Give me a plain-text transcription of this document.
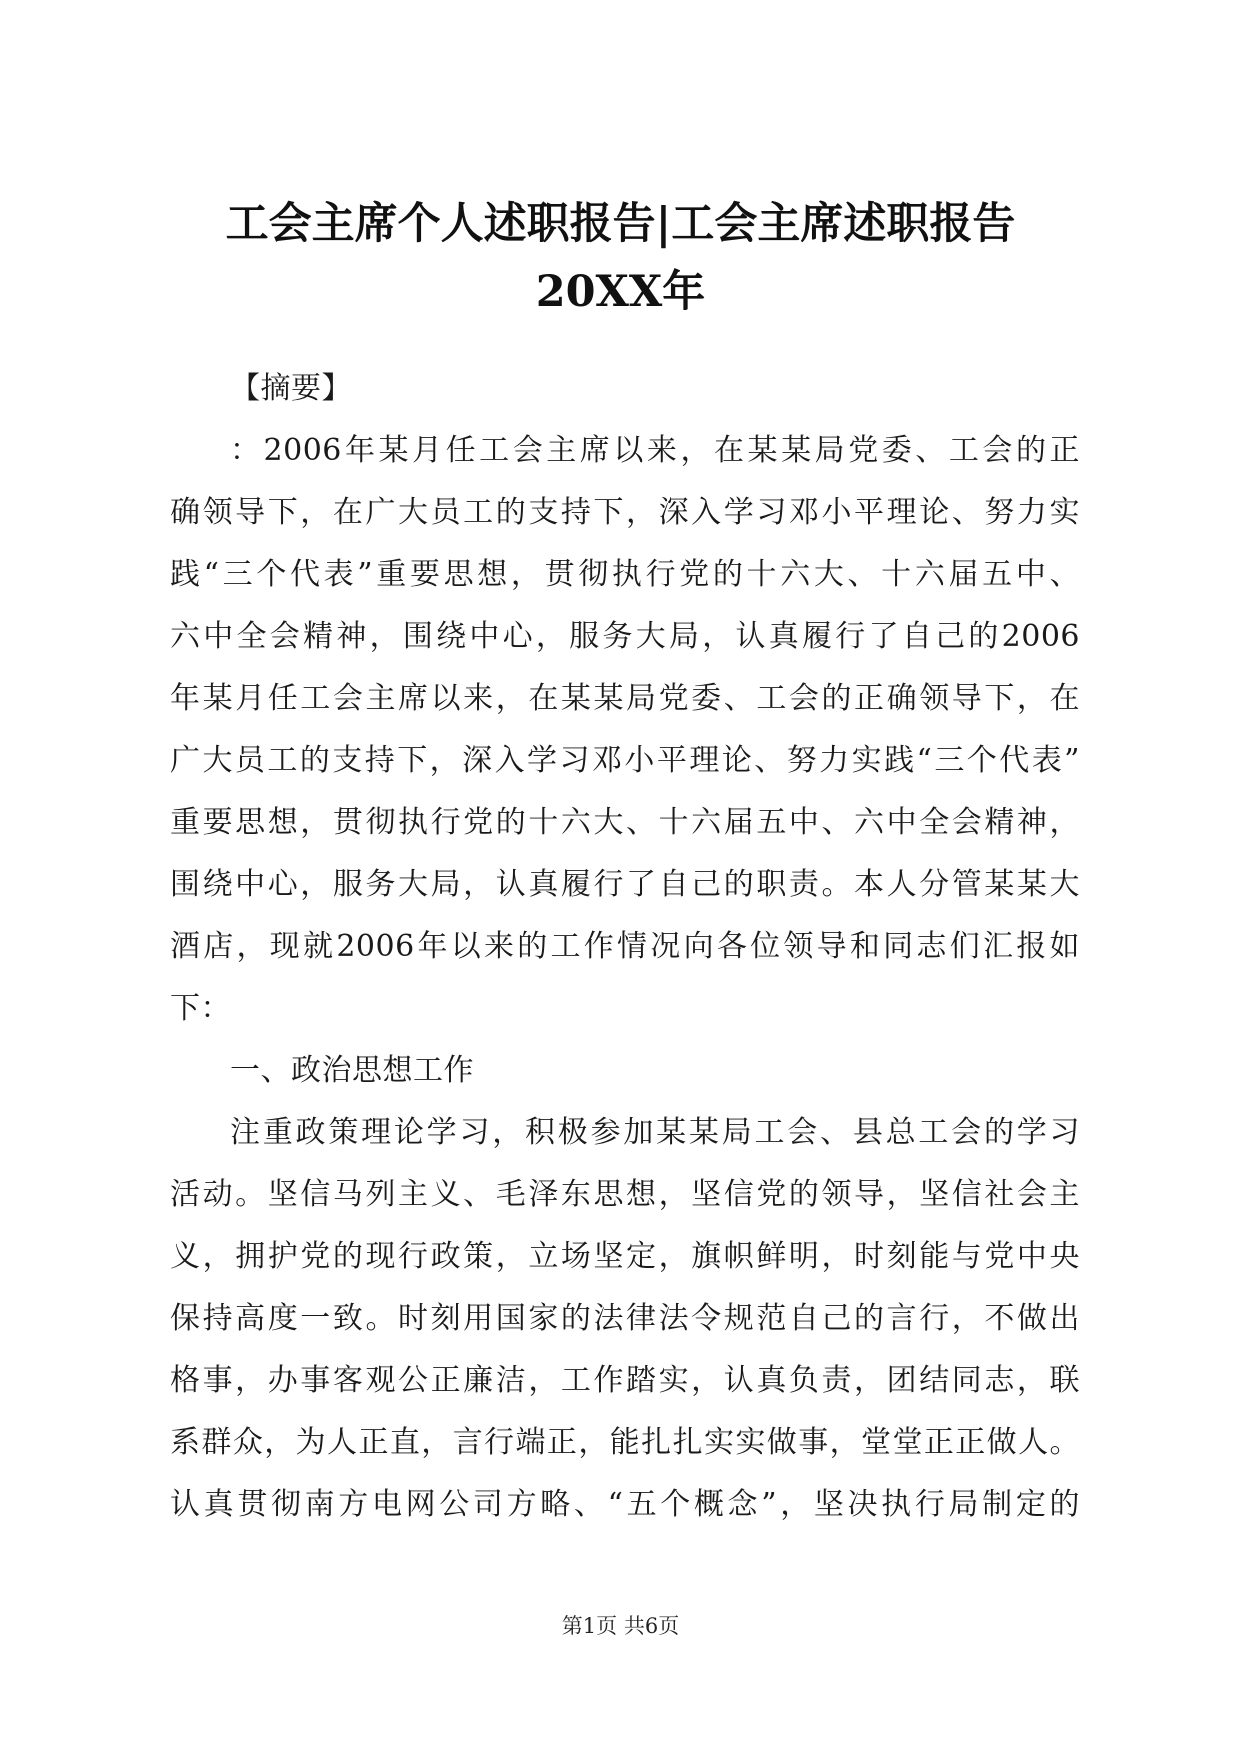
工会主席个人述职报告|工会主席述职报告
20XX年
【摘要】
：2006年某月任工会主席以来，在某某局党委、工会的正
确领导下，在广大员工的支持下，深入学习邓小平理论、努力实
践“三个代表”重要思想，贯彻执行党的十六大、十六届五中、
六中全会精神，围绕中心，服务大局，认真履行了自己的2006
年某月任工会主席以来，在某某局党委、工会的正确领导下，在
广大员工的支持下，深入学习邓小平理论、努力实践“三个代表”
重要思想，贯彻执行党的十六大、十六届五中、六中全会精神，
围绕中心，服务大局，认真履行了自己的职责。本人分管某某大
酒店，现就2006年以来的工作情况向各位领导和同志们汇报如
下：
一、政治思想工作
注重政策理论学习，积极参加某某局工会、县总工会的学习
活动。坚信马列主义、毛泽东思想，坚信党的领导，坚信社会主
义，拥护党的现行政策，立场坚定，旗帜鲜明，时刻能与党中央
保持高度一致。时刻用国家的法律法令规范自己的言行，不做出
格事，办事客观公正廉洁，工作踏实，认真负责，团结同志，联
系群众，为人正直，言行端正，能扎扎实实做事，堂堂正正做人。
认真贯彻南方电网公司方略、“五个概念”，坚决执行局制定的
第1页 共6页
